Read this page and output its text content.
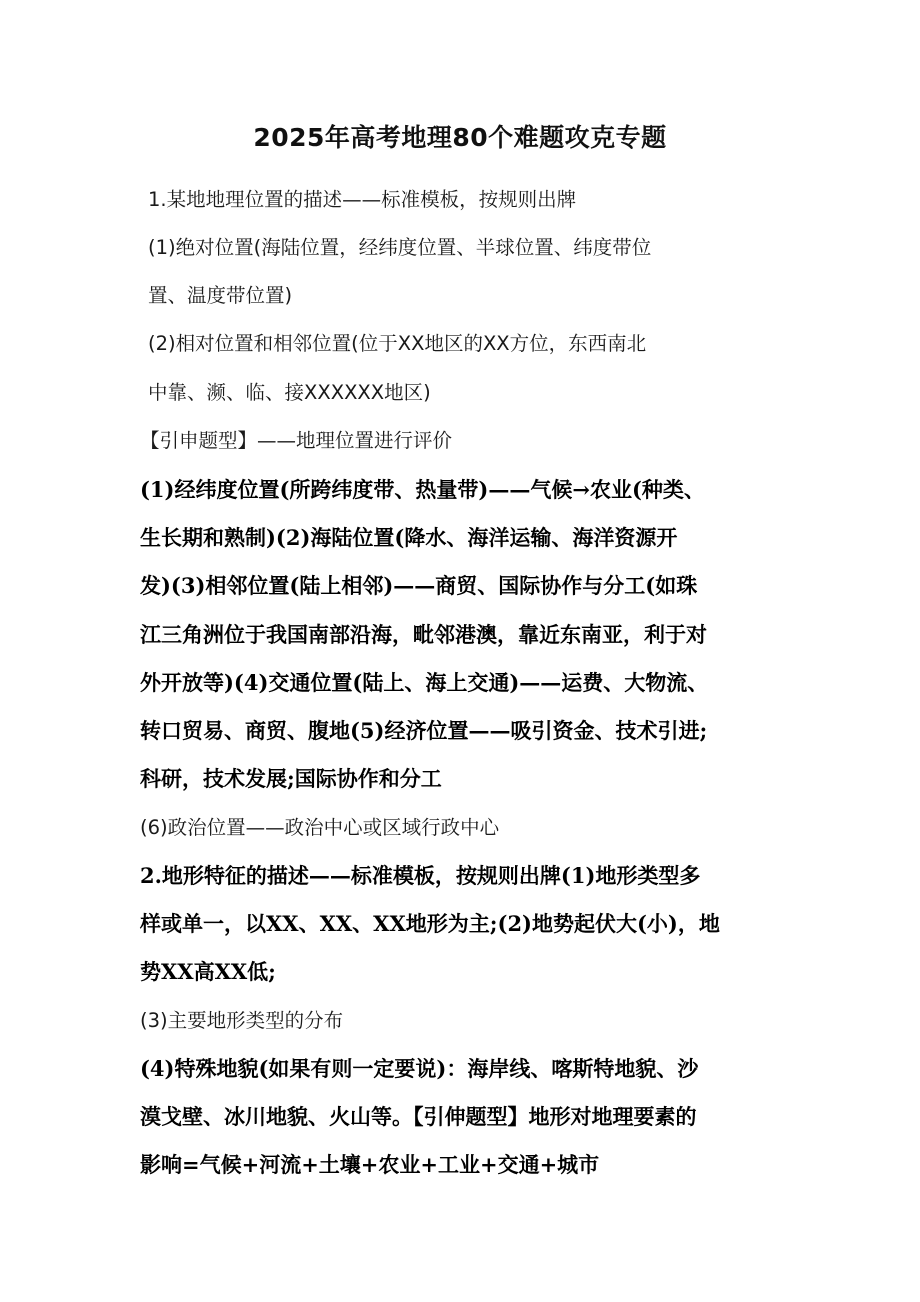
2025年高考地理80个难题攻克专题
1.某地地理位置的描述——标准模板，按规则出牌
(1)绝对位置(海陆位置，经纬度位置、半球位置、纬度带位
置、温度带位置)
(2)相对位置和相邻位置(位于XX地区的XX方位，东西南北
中靠、濒、临、接XXXXXX地区)
【引申题型】——地理位置进行评价
(1)经纬度位置(所跨纬度带、热量带)——气候→农业(种类、
生长期和熟制)(2)海陆位置(降水、海洋运输、海洋资源开
发)(3)相邻位置(陆上相邻)——商贸、国际协作与分工(如珠
江三角洲位于我国南部沿海，毗邻港澳，靠近东南亚，利于对
外开放等)(4)交通位置(陆上、海上交通)——运费、大物流、
转口贸易、商贸、腹地(5)经济位置——吸引资金、技术引进;
科研，技术发展;国际协作和分工
(6)政治位置——政治中心或区域行政中心
2.地形特征的描述——标准模板，按规则出牌(1)地形类型多
样或单一，以XX、XX、XX地形为主;(2)地势起伏大(小)，地
势XX高XX低;
(3)主要地形类型的分布
(4)特殊地貌(如果有则一定要说)：海岸线、喀斯特地貌、沙
漠戈壁、冰川地貌、火山等。【引伸题型】地形对地理要素的
影响=气候+河流+土壤+农业+工业+交通+城市
